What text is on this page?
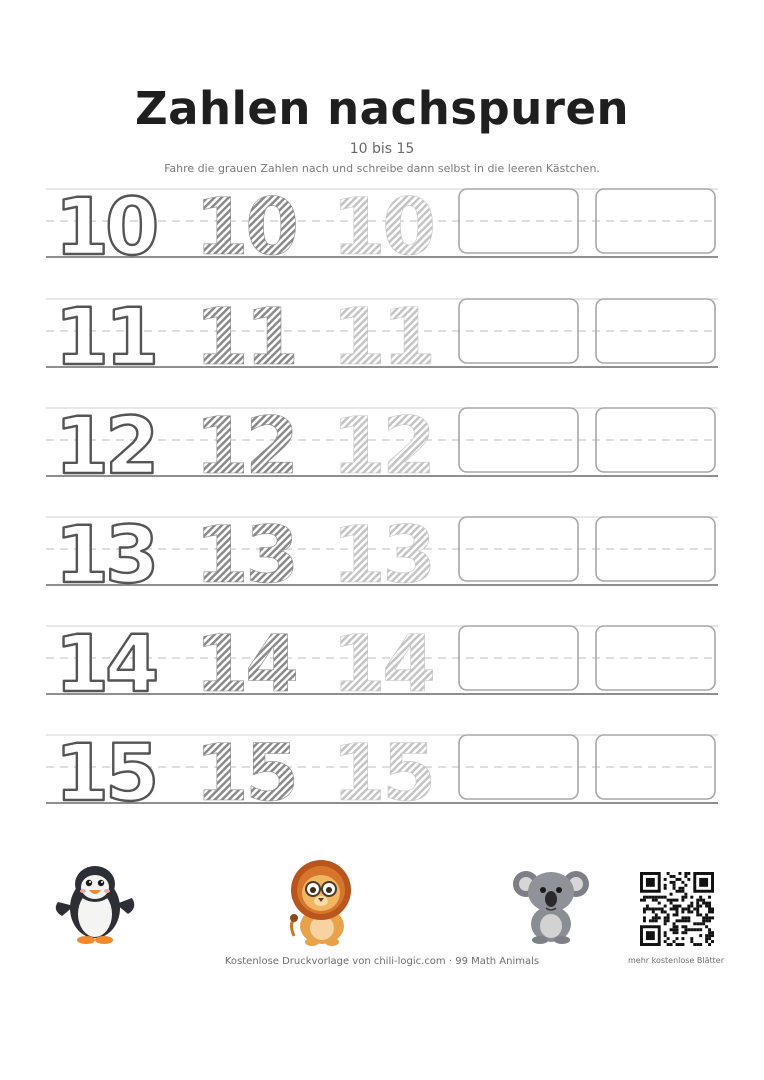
Zahlen nachspuren
10 bis 15
Fahre die grauen Zahlen nach und schreibe dann selbst in die leeren Kästchen.
10 10 10
11 11 11
12 12 12
13 13 13
14 14 14
15 15 15
Kostenlose Druckvorlage von chili-logic.com · 99 Math Animals	mehr kostenlose Blätter
